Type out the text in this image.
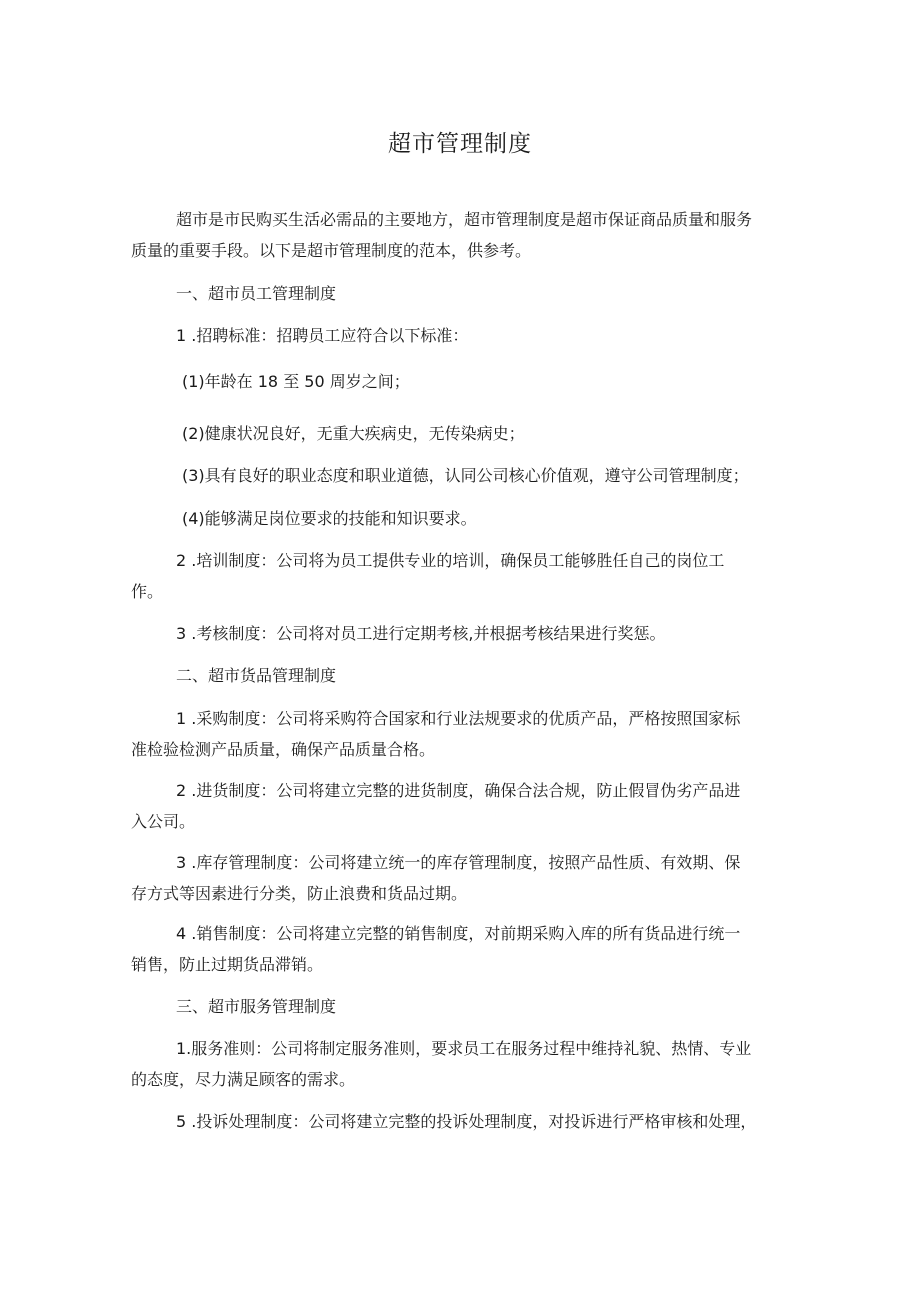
超市管理制度
超市是市民购买生活必需品的主要地方，超市管理制度是超市保证商品质量和服务
质量的重要手段。以下是超市管理制度的范本，供参考。
一、超市员工管理制度
1 .招聘标准：招聘员工应符合以下标准：
(1)年龄在 18 至 50 周岁之间；
(2)健康状况良好，无重大疾病史，无传染病史；
(3)具有良好的职业态度和职业道德，认同公司核心价值观，遵守公司管理制度；
(4)能够满足岗位要求的技能和知识要求。
2 .培训制度：公司将为员工提供专业的培训，确保员工能够胜任自己的岗位工
作。
3 .考核制度：公司将对员工进行定期考核,并根据考核结果进行奖惩。
二、超市货品管理制度
1 .采购制度：公司将采购符合国家和行业法规要求的优质产品，严格按照国家标
准检验检测产品质量，确保产品质量合格。
2 .进货制度：公司将建立完整的进货制度，确保合法合规，防止假冒伪劣产品进
入公司。
3 .库存管理制度：公司将建立统一的库存管理制度，按照产品性质、有效期、保
存方式等因素进行分类，防止浪费和货品过期。
4 .销售制度：公司将建立完整的销售制度，对前期采购入库的所有货品进行统一
销售，防止过期货品滞销。
三、超市服务管理制度
1.服务准则：公司将制定服务准则，要求员工在服务过程中维持礼貌、热情、专业
的态度，尽力满足顾客的需求。
5 .投诉处理制度：公司将建立完整的投诉处理制度，对投诉进行严格审核和处理，
